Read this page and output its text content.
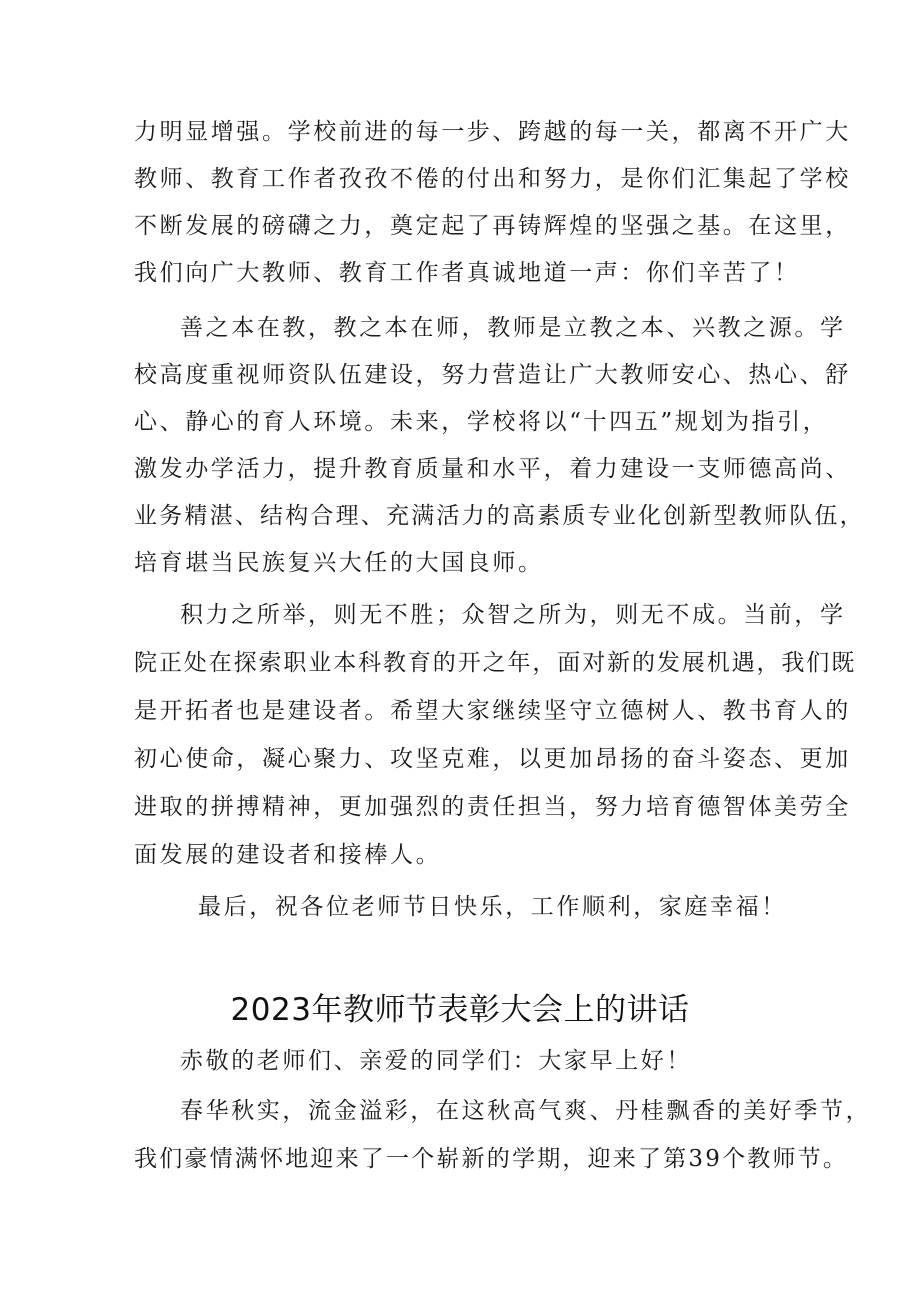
力明显增强。学校前进的每一步、跨越的每一关，都离不开广大
教师、教育工作者孜孜不倦的付出和努力，是你们汇集起了学校
不断发展的磅礴之力，奠定起了再铸辉煌的坚强之基。在这里，
我们向广大教师、教育工作者真诚地道一声：你们辛苦了！
善之本在教，教之本在师，教师是立教之本、兴教之源。学
校高度重视师资队伍建设，努力营造让广大教师安心、热心、舒
心、静心的育人环境。未来，学校将以“十四五”规划为指引，
激发办学活力，提升教育质量和水平，着力建设一支师德高尚、
业务精湛、结构合理、充满活力的高素质专业化创新型教师队伍，
培育堪当民族复兴大任的大国良师。
积力之所举，则无不胜；众智之所为，则无不成。当前，学
院正处在探索职业本科教育的开之年，面对新的发展机遇，我们既
是开拓者也是建设者。希望大家继续坚守立德树人、教书育人的
初心使命，凝心聚力、攻坚克难，以更加昂扬的奋斗姿态、更加
进取的拼搏精神，更加强烈的责任担当，努力培育德智体美劳全
面发展的建设者和接棒人。
最后，祝各位老师节日快乐，工作顺利，家庭幸福！
2023年教师节表彰大会上的讲话
赤敬的老师们、亲爱的同学们：大家早上好！
春华秋实，流金溢彩，在这秋高气爽、丹桂飘香的美好季节，
我们豪情满怀地迎来了一个崭新的学期，迎来了第39个教师节。
